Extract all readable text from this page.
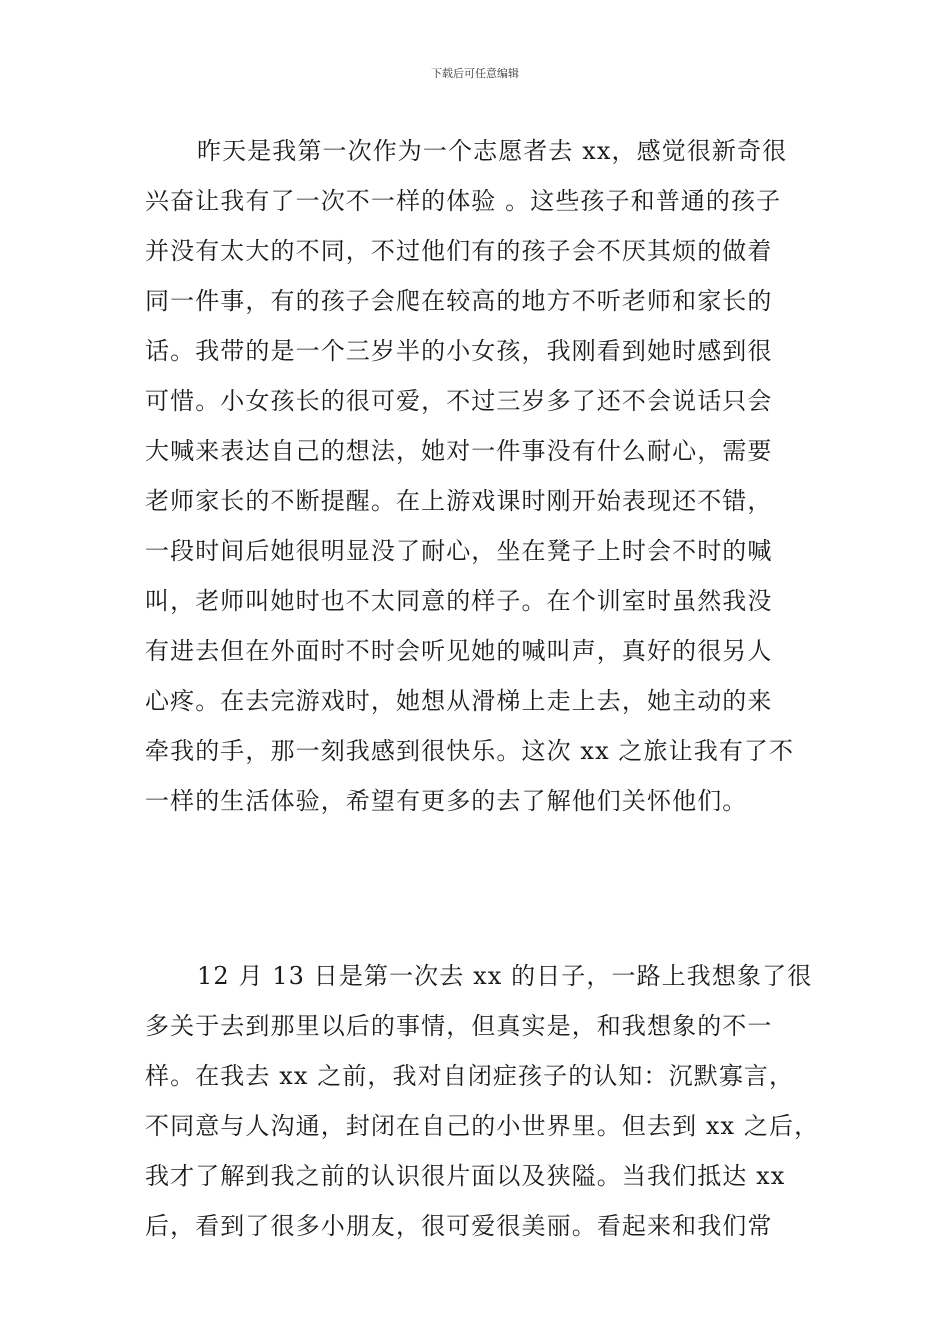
下载后可任意编辑
昨天是我第一次作为一个志愿者去 xx，感觉很新奇很
兴奋让我有了一次不一样的体验 。这些孩子和普通的孩子
并没有太大的不同，不过他们有的孩子会不厌其烦的做着
同一件事，有的孩子会爬在较高的地方不听老师和家长的
话。我带的是一个三岁半的小女孩，我刚看到她时感到很
可惜。小女孩长的很可爱，不过三岁多了还不会说话只会
大喊来表达自己的想法，她对一件事没有什么耐心，需要
老师家长的不断提醒。在上游戏课时刚开始表现还不错，
一段时间后她很明显没了耐心，坐在凳子上时会不时的喊
叫，老师叫她时也不太同意的样子。在个训室时虽然我没
有进去但在外面时不时会听见她的喊叫声，真好的很另人
心疼。在去完游戏时，她想从滑梯上走上去，她主动的来
牵我的手，那一刻我感到很快乐。这次 xx 之旅让我有了不
一样的生活体验，希望有更多的去了解他们关怀他们。
12 月 13 日是第一次去 xx 的日子，一路上我想象了很
多关于去到那里以后的事情，但真实是，和我想象的不一
样。在我去 xx 之前，我对自闭症孩子的认知：沉默寡言，
不同意与人沟通，封闭在自己的小世界里。但去到 xx 之后，
我才了解到我之前的认识很片面以及狭隘。当我们抵达 xx
后，看到了很多小朋友，很可爱很美丽。看起来和我们常
